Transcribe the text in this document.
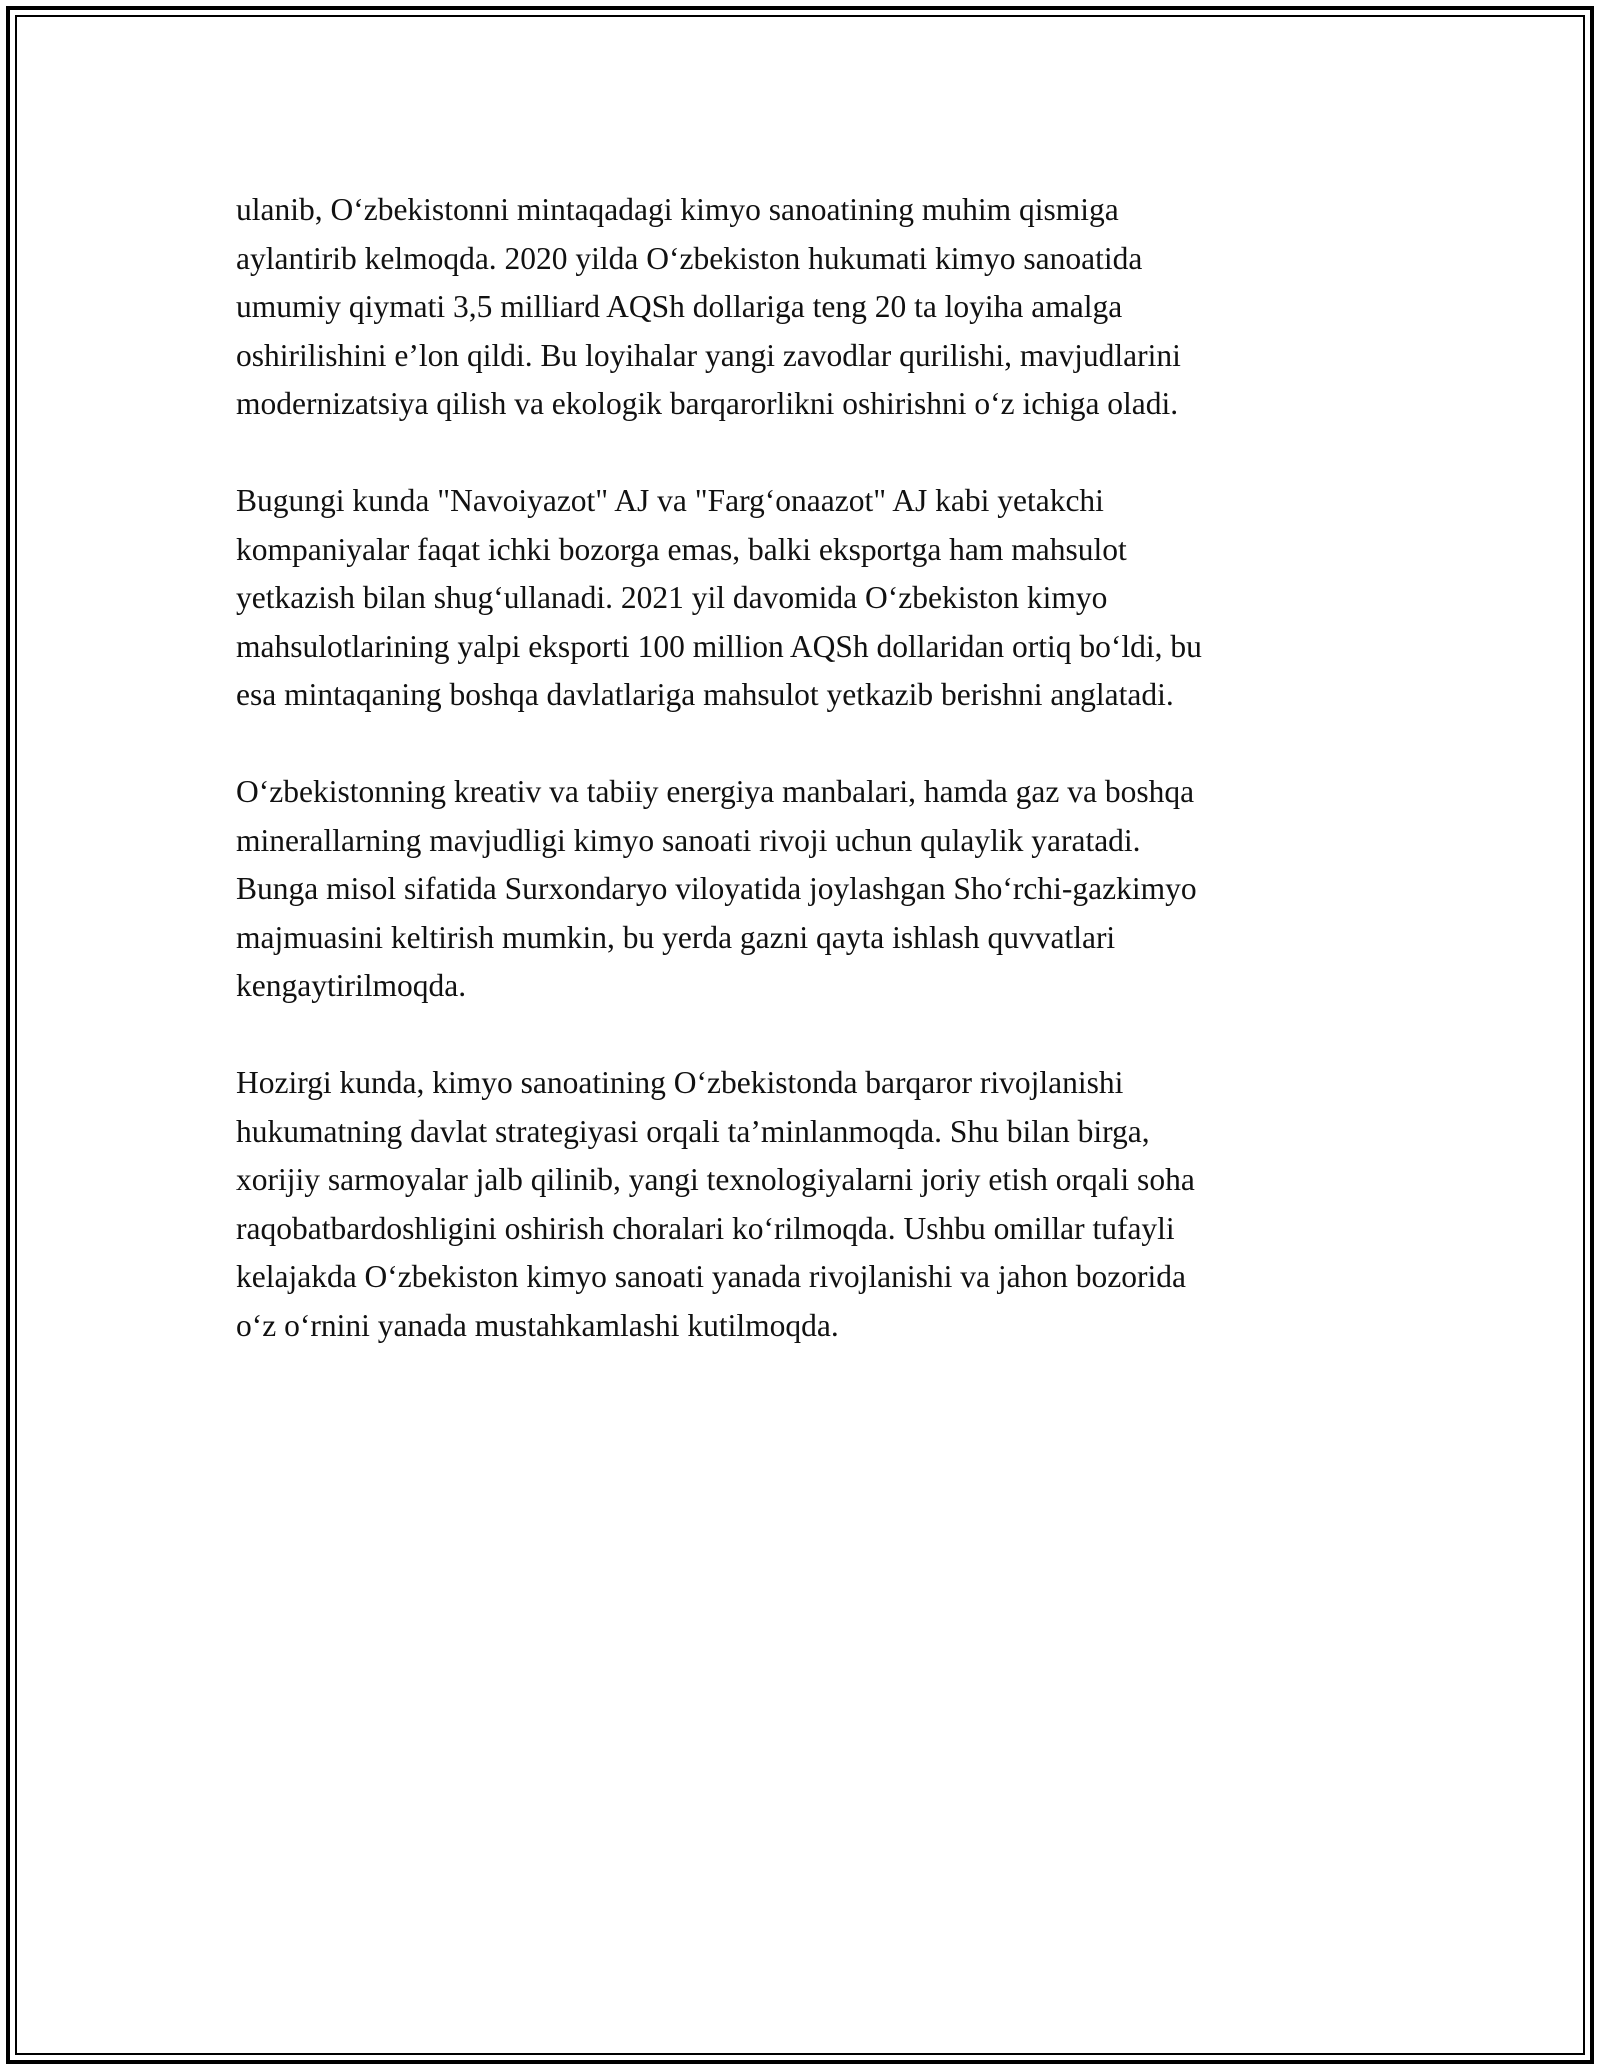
ulanib, O‘zbekistonni mintaqadagi kimyo sanoatining muhim qismiga
aylantirib kelmoqda. 2020 yilda O‘zbekiston hukumati kimyo sanoatida
umumiy qiymati 3,5 milliard AQSh dollariga teng 20 ta loyiha amalga
oshirilishini e’lon qildi. Bu loyihalar yangi zavodlar qurilishi, mavjudlarini
modernizatsiya qilish va ekologik barqarorlikni oshirishni o‘z ichiga oladi.

Bugungi kunda "Navoiyazot" AJ va "Farg‘onaazot" AJ kabi yetakchi
kompaniyalar faqat ichki bozorga emas, balki eksportga ham mahsulot
yetkazish bilan shug‘ullanadi. 2021 yil davomida O‘zbekiston kimyo
mahsulotlarining yalpi eksporti 100 million AQSh dollaridan ortiq bo‘ldi, bu
esa mintaqaning boshqa davlatlariga mahsulot yetkazib berishni anglatadi.

O‘zbekistonning kreativ va tabiiy energiya manbalari, hamda gaz va boshqa
minerallarning mavjudligi kimyo sanoati rivoji uchun qulaylik yaratadi.
Bunga misol sifatida Surxondaryo viloyatida joylashgan Sho‘rchi-gazkimyo
majmuasini keltirish mumkin, bu yerda gazni qayta ishlash quvvatlari
kengaytirilmoqda.

Hozirgi kunda, kimyo sanoatining O‘zbekistonda barqaror rivojlanishi
hukumatning davlat strategiyasi orqali ta’minlanmoqda. Shu bilan birga,
xorijiy sarmoyalar jalb qilinib, yangi texnologiyalarni joriy etish orqali soha
raqobatbardoshligini oshirish choralari ko‘rilmoqda. Ushbu omillar tufayli
kelajakda O‘zbekiston kimyo sanoati yanada rivojlanishi va jahon bozorida
o‘z o‘rnini yanada mustahkamlashi kutilmoqda.
